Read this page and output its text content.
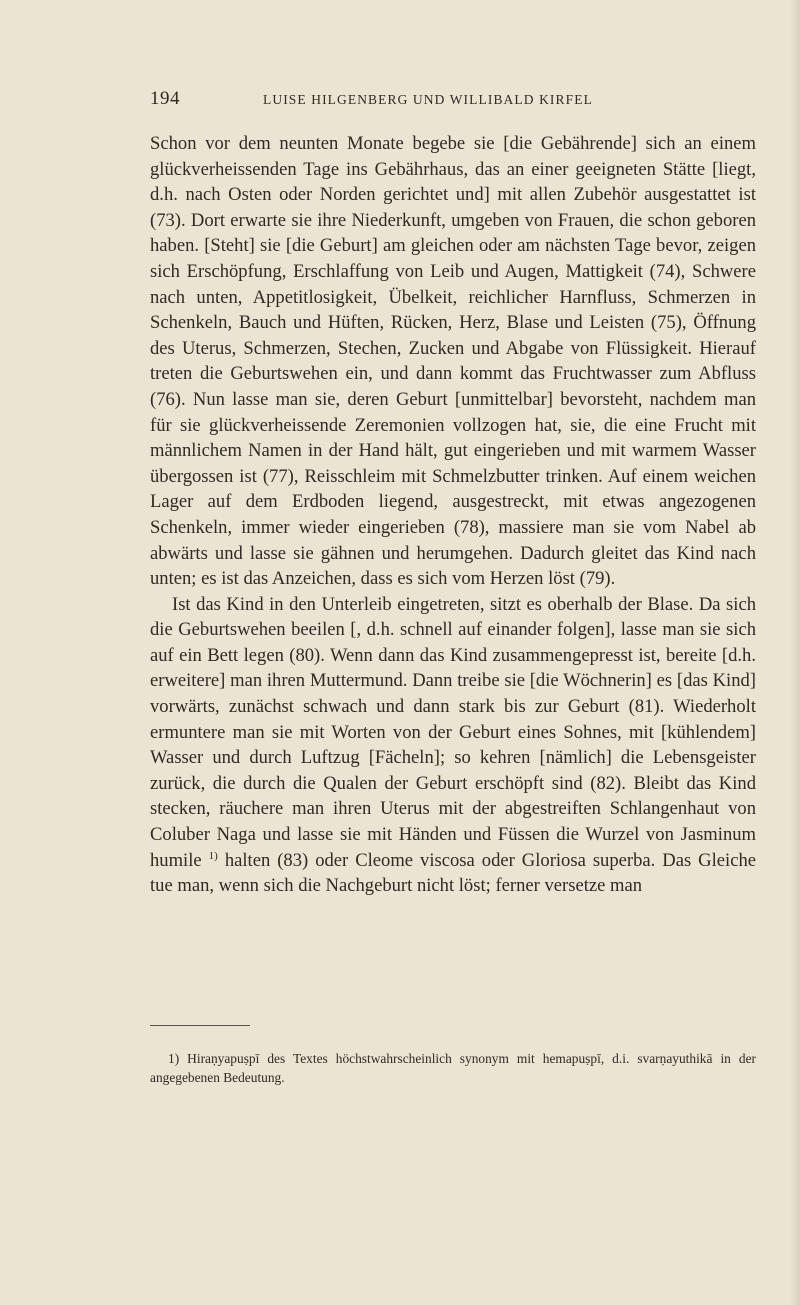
194	LUISE HILGENBERG UND WILLIBALD KIRFEL

Schon vor dem neunten Monate begebe sie [die Gebährende] sich an einem glückverheissenden Tage ins Gebährhaus, das an einer geeigneten Stätte [liegt, d.h. nach Osten oder Norden gerichtet und] mit allen Zubehör ausgestattet ist (73). Dort erwarte sie ihre Niederkunft, umgeben von Frauen, die schon geboren haben. [Steht] sie [die Geburt] am gleichen oder am nächsten Tage bevor, zeigen sich Erschöpfung, Erschlaffung von Leib und Augen, Mattigkeit (74), Schwere nach unten, Appetitlosigkeit, Übelkeit, reichlicher Harnfluss, Schmerzen in Schenkeln, Bauch und Hüften, Rücken, Herz, Blase und Leisten (75), Öffnung des Uterus, Schmerzen, Stechen, Zucken und Abgabe von Flüssigkeit. Hierauf treten die Geburtswehen ein, und dann kommt das Fruchtwasser zum Abfluss (76). Nun lasse man sie, deren Geburt [unmittelbar] bevorsteht, nachdem man für sie glückverheissende Zeremonien vollzogen hat, sie, die eine Frucht mit männlichem Namen in der Hand hält, gut eingerieben und mit warmem Wasser übergossen ist (77), Reisschleim mit Schmelzbutter trinken. Auf einem weichen Lager auf dem Erdboden liegend, ausgestreckt, mit etwas angezogenen Schenkeln, immer wieder eingerieben (78), massiere man sie vom Nabel ab abwärts und lasse sie gähnen und herumgehen. Dadurch gleitet das Kind nach unten; es ist das Anzeichen, dass es sich vom Herzen löst (79).

Ist das Kind in den Unterleib eingetreten, sitzt es oberhalb der Blase. Da sich die Geburtswehen beeilen [, d.h. schnell auf einander folgen], lasse man sie sich auf ein Bett legen (80). Wenn dann das Kind zusammengepresst ist, bereite [d.h. erweitere] man ihren Muttermund. Dann treibe sie [die Wöchnerin] es [das Kind] vorwärts, zunächst schwach und dann stark bis zur Geburt (81). Wiederholt ermuntere man sie mit Worten von der Geburt eines Sohnes, mit [kühlendem] Wasser und durch Luftzug [Fächeln]; so kehren [nämlich] die Lebensgeister zurück, die durch die Qualen der Geburt erschöpft sind (82). Bleibt das Kind stecken, räuchere man ihren Uterus mit der abgestreiften Schlangenhaut von Coluber Naga und lasse sie mit Händen und Füssen die Wurzel von Jasminum humile $^{1)}$ halten (83) oder Cleome viscosa oder Gloriosa superba. Das Gleiche tue man, wenn sich die Nachgeburt nicht löst; ferner versetze man

1) Hiraṇyapuṣpī des Textes höchstwahrscheinlich synonym mit hemapuṣpī, d.i. svarṇayuthikā in der angegebenen Bedeutung.
